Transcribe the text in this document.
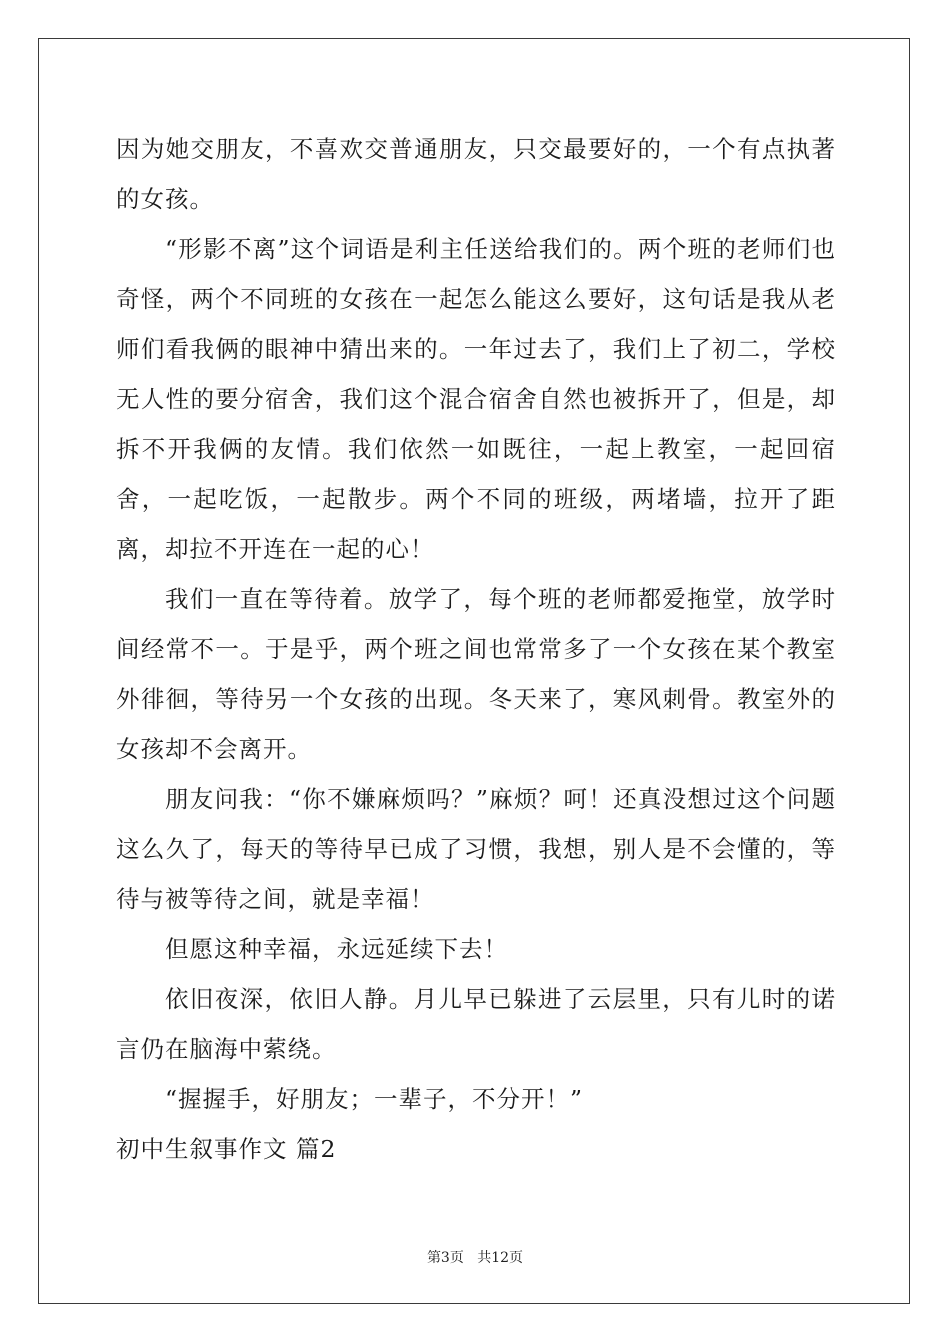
因为她交朋友，不喜欢交普通朋友，只交最要好的，一个有点执著的女孩。

“形影不离”这个词语是利主任送给我们的。两个班的老师们也奇怪，两个不同班的女孩在一起怎么能这么要好，这句话是我从老师们看我俩的眼神中猜出来的。一年过去了，我们上了初二，学校无人性的要分宿舍，我们这个混合宿舍自然也被拆开了，但是，却拆不开我俩的友情。我们依然一如既往，一起上教室，一起回宿舍，一起吃饭，一起散步。两个不同的班级，两堵墙，拉开了距离，却拉不开连在一起的心！

我们一直在等待着。放学了，每个班的老师都爱拖堂，放学时间经常不一。于是乎，两个班之间也常常多了一个女孩在某个教室外徘徊，等待另一个女孩的出现。冬天来了，寒风刺骨。教室外的女孩却不会离开。

朋友问我：“你不嫌麻烦吗？”麻烦？呵！还真没想过这个问题这么久了，每天的等待早已成了习惯，我想，别人是不会懂的，等待与被等待之间，就是幸福！

但愿这种幸福，永远延续下去！

依旧夜深，依旧人静。月儿早已躲进了云层里，只有儿时的诺言仍在脑海中萦绕。

“握握手，好朋友；一辈子，不分开！”

初中生叙事作文 篇2

第3页 共12页
